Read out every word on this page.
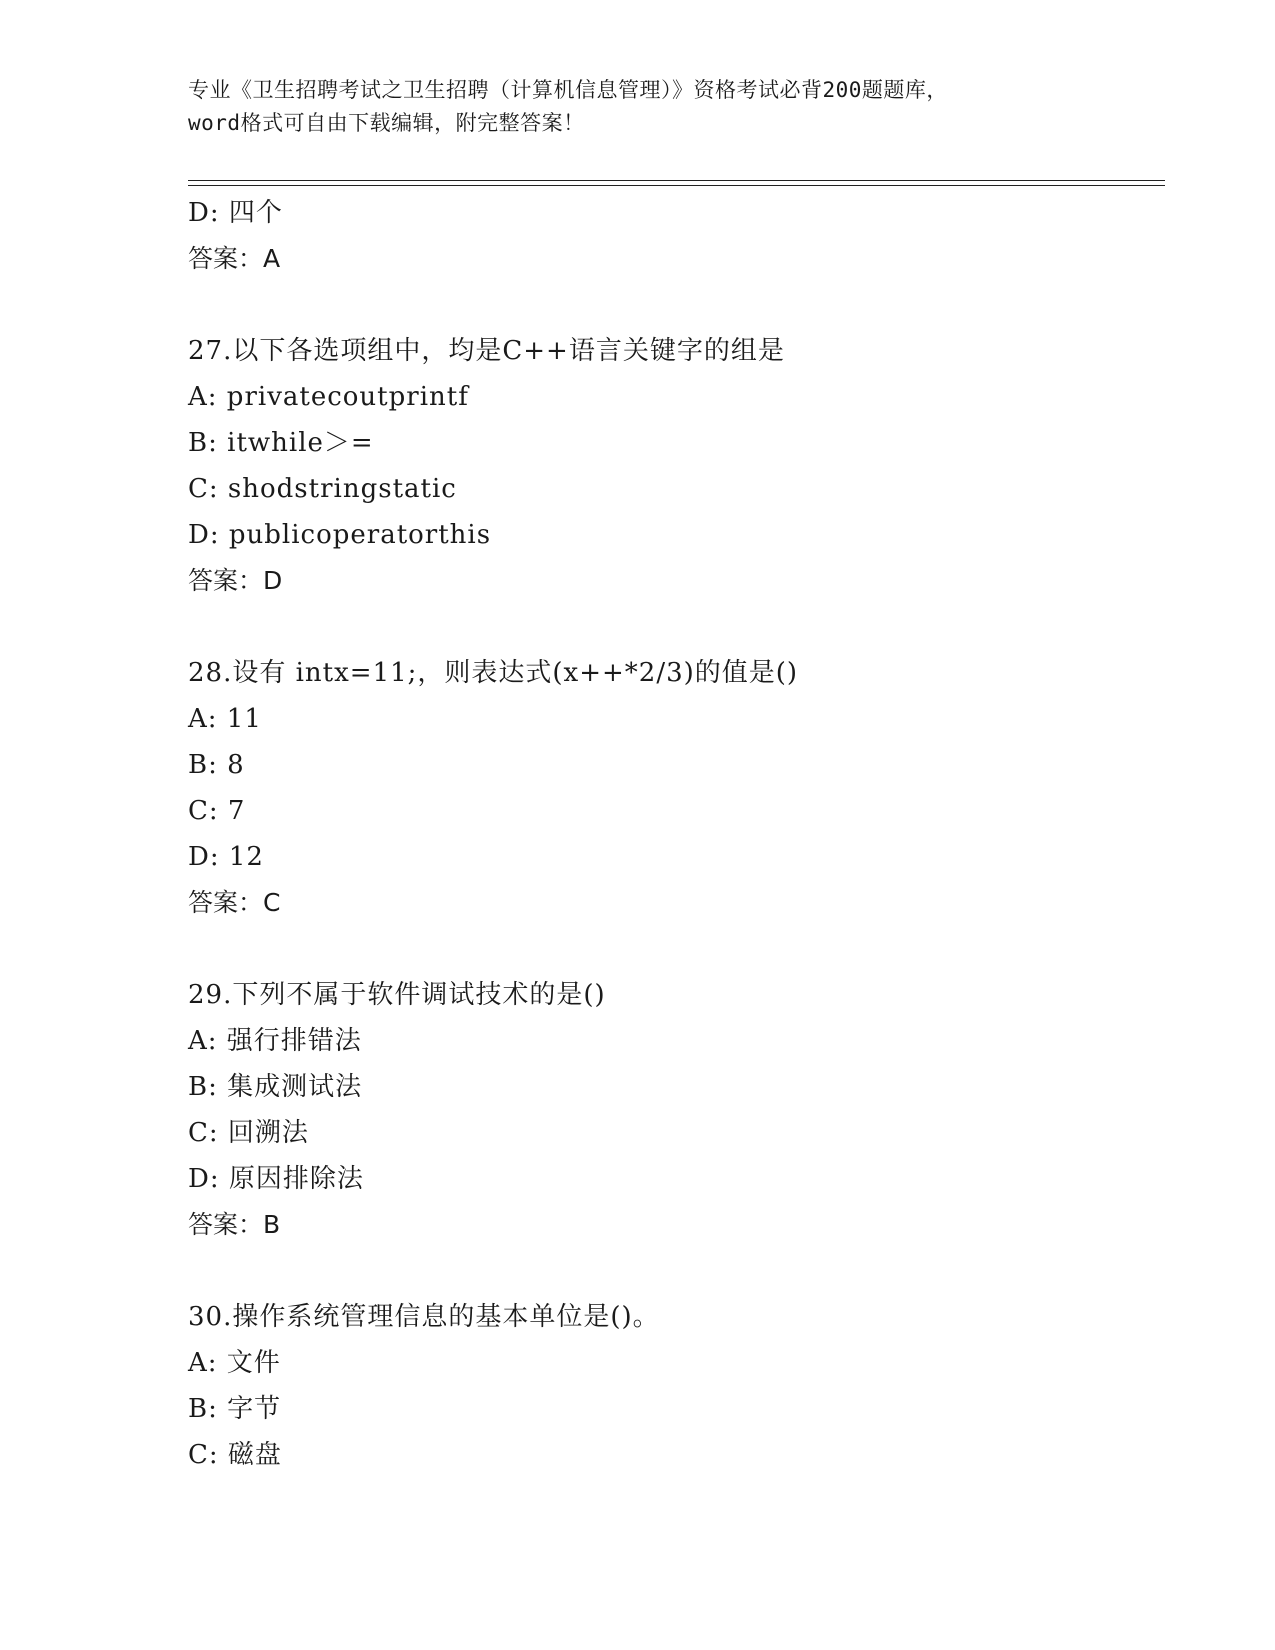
专业《卫生招聘考试之卫生招聘（计算机信息管理）》资格考试必背200题题库，
word格式可自由下载编辑，附完整答案！
D: 四个
答案：A
27.以下各选项组中，均是C++语言关键字的组是
A: privatecoutprintf
B: itwhile＞=
C: shodstringstatic
D: publicoperatorthis
答案：D
28.设有 intx=11;，则表达式(x++*2/3)的值是()
A: 11
B: 8
C: 7
D: 12
答案：C
29.下列不属于软件调试技术的是()
A: 强行排错法
B: 集成测试法
C: 回溯法
D: 原因排除法
答案：B
30.操作系统管理信息的基本单位是()。
A: 文件
B: 字节
C: 磁盘
